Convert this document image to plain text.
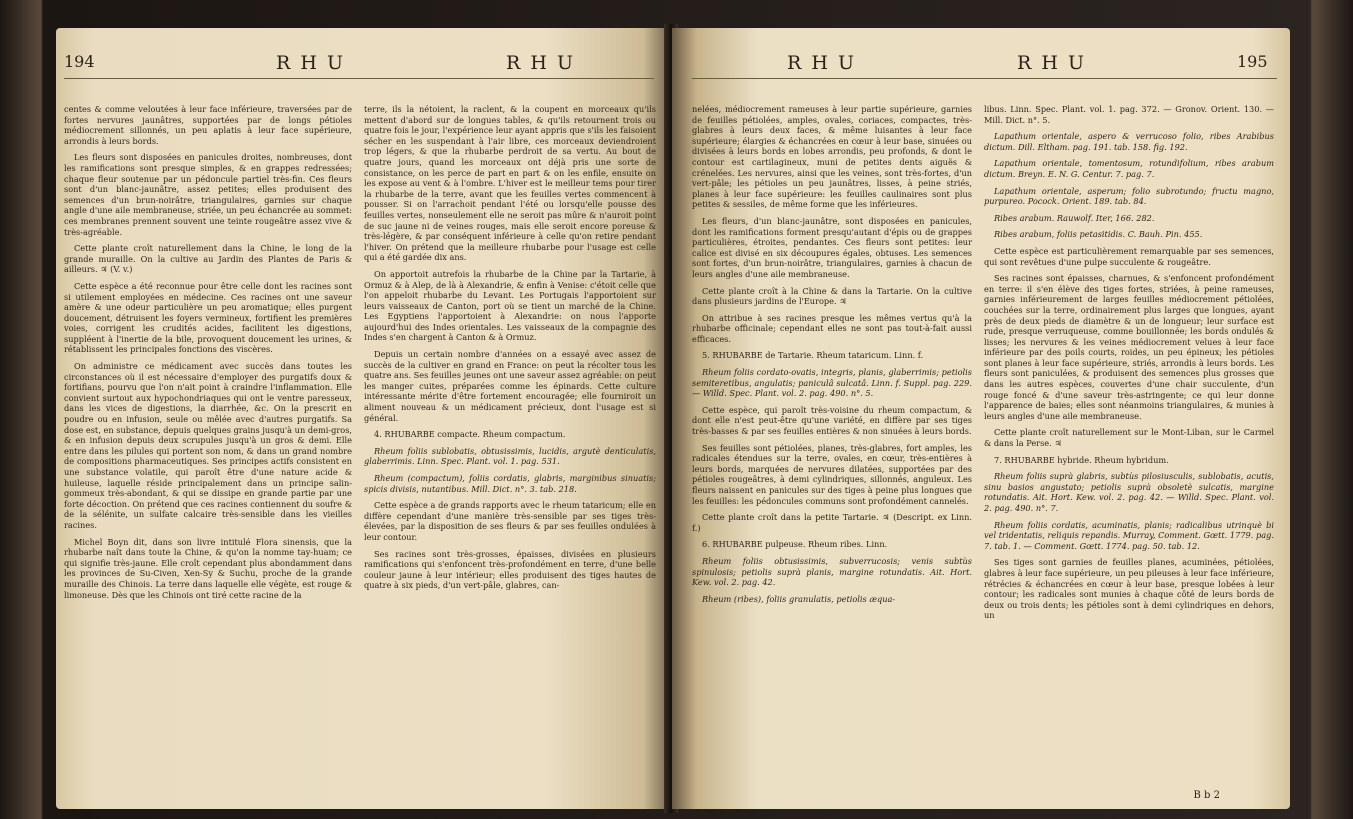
194	R H U	R H U

centes & comme veloutées à leur face inférieure, traversées par de fortes nervures jaunâtres, supportées par de longs pétioles médiocrement sillonnés, un peu aplatis à leur face supérieure, arrondis à leurs bords.

Les fleurs sont disposées en panicules droites, nombreuses, dont les ramifications sont presque simples, & en grappes redressées; chaque fleur soutenue par un pédoncule partiel très-fin. Ces fleurs sont d'un blanc-jaunâtre, assez petites; elles produisent des semences d'un brun-noirâtre, triangulaires, garnies sur chaque angle d'une aile membraneuse, striée, un peu échancrée au sommet: ces membranes prennent souvent une teinte rougeâtre assez vive & très-agréable.

Cette plante croît naturellement dans la Chine, le long de la grande muraille. On la cultive au Jardin des Plantes de Paris & ailleurs. ♃ (V. v.)

Cette espèce a été reconnue pour être celle dont les racines sont si utilement employées en médecine. Ces racines ont une saveur amère & une odeur particulière un peu aromatique; elles purgent doucement, détruisent les foyers vermineux, fortifient les premières voies, corrigent les crudités acides, facilitent les digestions, suppléent à l'inertie de la bile, provoquent doucement les urines, & rétablissent les principales fonctions des viscères.

On administre ce médicament avec succès dans toutes les circonstances où il est nécessaire d'employer des purgatifs doux & fortifians, pourvu que l'on n'ait point à craindre l'inflammation. Elle convient surtout aux hypochondriaques qui ont le ventre paresseux, dans les vices de digestions, la diarrhée, &c. On la prescrit en poudre ou en infusion, seule ou mêlée avec d'autres purgatifs. Sa dose est, en substance, depuis quelques grains jusqu'à un demi-gros, & en infusion depuis deux scrupules jusqu'à un gros & demi. Elle entre dans les pilules qui portent son nom, & dans un grand nombre de compositions pharmaceutiques. Ses principes actifs consistent en une substance volatile, qui paroît être d'une nature acide & huileuse, laquelle réside principalement dans un principe salin-gommeux très-abondant, & qui se dissipe en grande partie par une forte décoction. On prétend que ces racines contiennent du soufre & de la sélénite, un sulfate calcaire très-sensible dans les vieilles racines.

Michel Boyn dit, dans son livre intitulé Flora sinensis, que la rhubarbe naît dans toute la Chine, & qu'on la nomme tay-huam; ce qui signifie très-jaune. Elle croît cependant plus abondamment dans les provinces de Su-Civen, Xen-Sy & Suchu, proche de la grande muraille des Chinois. La terre dans laquelle elle végète, est rouge & limoneuse. Dès que les Chinois ont tiré cette racine de la

terre, ils la nétoient, la raclent, & la coupent en morceaux qu'ils mettent d'abord sur de longues tables, & qu'ils retournent trois ou quatre fois le jour, l'expérience leur ayant appris que s'ils les faisoient sécher en les suspendant à l'air libre, ces morceaux deviendroient trop légers, & que la rhubarbe perdroit de sa vertu. Au bout de quatre jours, quand les morceaux ont déjà pris une sorte de consistance, on les perce de part en part & on les enfile, ensuite on les expose au vent & à l'ombre. L'hiver est le meilleur tems pour tirer la rhubarbe de la terre, avant que les feuilles vertes commencent à pousser. Si on l'arrachoit pendant l'été ou lorsqu'elle pousse des feuilles vertes, nonseulement elle ne seroit pas mûre & n'auroit point de suc jaune ni de veines rouges, mais elle seroit encore poreuse & très-légère, & par conséquent inférieure à celle qu'on retire pendant l'hiver. On prétend que la meilleure rhubarbe pour l'usage est celle qui a été gardée dix ans.

On apportoit autrefois la rhubarbe de la Chine par la Tartarie, à Ormuz & à Alep, de là à Alexandrie, & enfin à Venise: c'étoit celle que l'on appeloit rhubarbe du Levant. Les Portugais l'apportoient sur leurs vaisseaux de Canton, port où se tient un marché de la Chine. Les Egyptiens l'apportoient à Alexandrie: on nous l'apporte aujourd'hui des Indes orientales. Les vaisseaux de la compagnie des Indes s'en chargent à Canton & à Ormuz.

Depuis un certain nombre d'années on a essayé avec assez de succès de la cultiver en grand en France: on peut la récolter tous les quatre ans. Ses feuilles jeunes ont une saveur assez agréable: on peut les manger cuites, préparées comme les épinards. Cette culture intéressante mérite d'être fortement encouragée; elle fourniroit un aliment nouveau & un médicament précieux, dont l'usage est si général.

4. RHUBARBE compacte. Rheum compactum.

Rheum foliis sublobatis, obtusissimis, lucidis, argutè denticulatis, glaberrimis. Linn. Spec. Plant. vol. 1. pag. 531.

Rheum (compactum), foliis cordatis, glabris, marginibus sinuatis; spicis divisis, nutantibus. Mill. Dict. n°. 3. tab. 218.

Cette espèce a de grands rapports avec le rheum tataricum; elle en diffère cependant d'une manière très-sensible par ses tiges très-élevées, par la disposition de ses fleurs & par ses feuilles ondulées à leur contour.

Ses racines sont très-grosses, épaisses, divisées en plusieurs ramifications qui s'enfoncent très-profondément en terre, d'une belle couleur jaune à leur intérieur; elles produisent des tiges hautes de quatre à six pieds, d'un vert-pâle, glabres, can-

R H U	R H U	195

nelées, médiocrement rameuses à leur partie supérieure, garnies de feuilles pétiolées, amples, ovales, coriaces, compactes, très-glabres à leurs deux faces, & même luisantes à leur face supérieure; élargies & échancrées en cœur à leur base, sinuées ou divisées à leurs bords en lobes arrondis, peu profonds, & dont le contour est cartilagineux, muni de petites dents aiguës & crénelées. Les nervures, ainsi que les veines, sont très-fortes, d'un vert-pâle; les pétioles un peu jaunâtres, lisses, à peine striés, planes à leur face supérieure: les feuilles caulinaires sont plus petites & sessiles, de même forme que les inférieures.

Les fleurs, d'un blanc-jaunâtre, sont disposées en panicules, dont les ramifications forment presqu'autant d'épis ou de grappes particulières, étroites, pendantes. Ces fleurs sont petites: leur calice est divisé en six découpures égales, obtuses. Les semences sont fortes, d'un brun-noirâtre, triangulaires, garnies à chacun de leurs angles d'une aile membraneuse.

Cette plante croît à la Chine & dans la Tartarie. On la cultive dans plusieurs jardins de l'Europe. ♃

On attribue à ses racines presque les mêmes vertus qu'à la rhubarbe officinale; cependant elles ne sont pas tout-à-fait aussi efficaces.

5. RHUBARBE de Tartarie. Rheum tataricum. Linn. f.

Rheum foliis cordato-ovatis, integris, planis, glaberrimis; petiolis semiteretibus, angulatis; paniculâ sulcatâ. Linn. f. Suppl. pag. 229. — Willd. Spec. Plant. vol. 2. pag. 490. n°. 5.

Cette espèce, qui paroît très-voisine du rheum compactum, & dont elle n'est peut-être qu'une variété, en diffère par ses tiges très-basses & par ses feuilles entières & non sinuées à leurs bords.

Ses feuilles sont pétiolées, planes, très-glabres, fort amples, les radicales étendues sur la terre, ovales, en cœur, très-entières à leurs bords, marquées de nervures dilatées, supportées par des pétioles rougeâtres, à demi cylindriques, sillonnés, anguleux. Les fleurs naissent en panicules sur des tiges à peine plus longues que les feuilles: les pédoncules communs sont profondément cannelés.

Cette plante croît dans la petite Tartarie. ♃ (Descript. ex Linn. f.)

6. RHUBARBE pulpeuse. Rheum ribes. Linn.

Rheum foliis obtusissimis, subverrucosis; venis subtùs spinulosis; petiolis suprà planis, margine rotundatis. Ait. Hort. Kew. vol. 2. pag. 42.

Rheum (ribes), foliis granulatis, petiolis æqua-

libus. Linn. Spec. Plant. vol. 1. pag. 372. — Gronov. Orient. 130. — Mill. Dict. n°. 5.

Lapathum orientale, aspero & verrucoso folio, ribes Arabibus dictum. Dill. Eltham. pag. 191. tab. 158. fig. 192.

Lapathum orientale, tomentosum, rotundifolium, ribes arabum dictum. Breyn. E. N. G. Centur. 7. pag. 7.

Lapathum orientale, asperum; folio subrotundo; fructu magno, purpureo. Pocock. Orient. 189. tab. 84.

Ribes arabum. Rauwolf. Iter, 166. 282.

Ribes arabum, foliis petasitidis. C. Bauh. Pin. 455.

Cette espèce est particulièrement remarquable par ses semences, qui sont revêtues d'une pulpe succulente & rougeâtre.

Ses racines sont épaisses, charnues, & s'enfoncent profondément en terre: il s'en élève des tiges fortes, striées, à peine rameuses, garnies inférieurement de larges feuilles médiocrement pétiolées, couchées sur la terre, ordinairement plus larges que longues, ayant près de deux pieds de diamètre & un de longueur; leur surface est rude, presque verruqueuse, comme bouillonnée; les bords ondulés & lisses; les nervures & les veines médiocrement velues à leur face inférieure par des poils courts, roides, un peu épineux; les pétioles sont planes à leur face supérieure, striés, arrondis à leurs bords. Les fleurs sont paniculées, & produisent des semences plus grosses que dans les autres espèces, couvertes d'une chair succulente, d'un rouge foncé & d'une saveur très-astringente; ce qui leur donne l'apparence de baies; elles sont néanmoins triangulaires, & munies à leurs angles d'une aile membraneuse.

Cette plante croît naturellement sur le Mont-Liban, sur le Carmel & dans la Perse. ♃

7. RHUBARBE hybride. Rheum hybridum.

Rheum foliis suprà glabris, subtùs pilosiusculis, sublobatis, acutis, sinu basios angustato; petiolis suprà obsoletè sulcatis, margine rotundatis. Ait. Hort. Kew. vol. 2. pag. 42. — Willd. Spec. Plant. vol. 2. pag. 490. n°. 7.

Rheum foliis cordatis, acuminatis, planis; radicalibus utrinquè bi vel tridentatis, reliquis repandis. Murray, Comment. Gœtt. 1779. pag. 7. tab. 1. — Comment. Gœtt. 1774. pag. 50. tab. 12.

Ses tiges sont garnies de feuilles planes, acuminées, pétiolées, glabres à leur face supérieure, un peu pileuses à leur face inférieure, rétrécies & échancrées en cœur à leur base, presque lobées à leur contour; les radicales sont munies à chaque côté de leurs bords de deux ou trois dents; les pétioles sont à demi cylindriques en dehors, un

B b 2
